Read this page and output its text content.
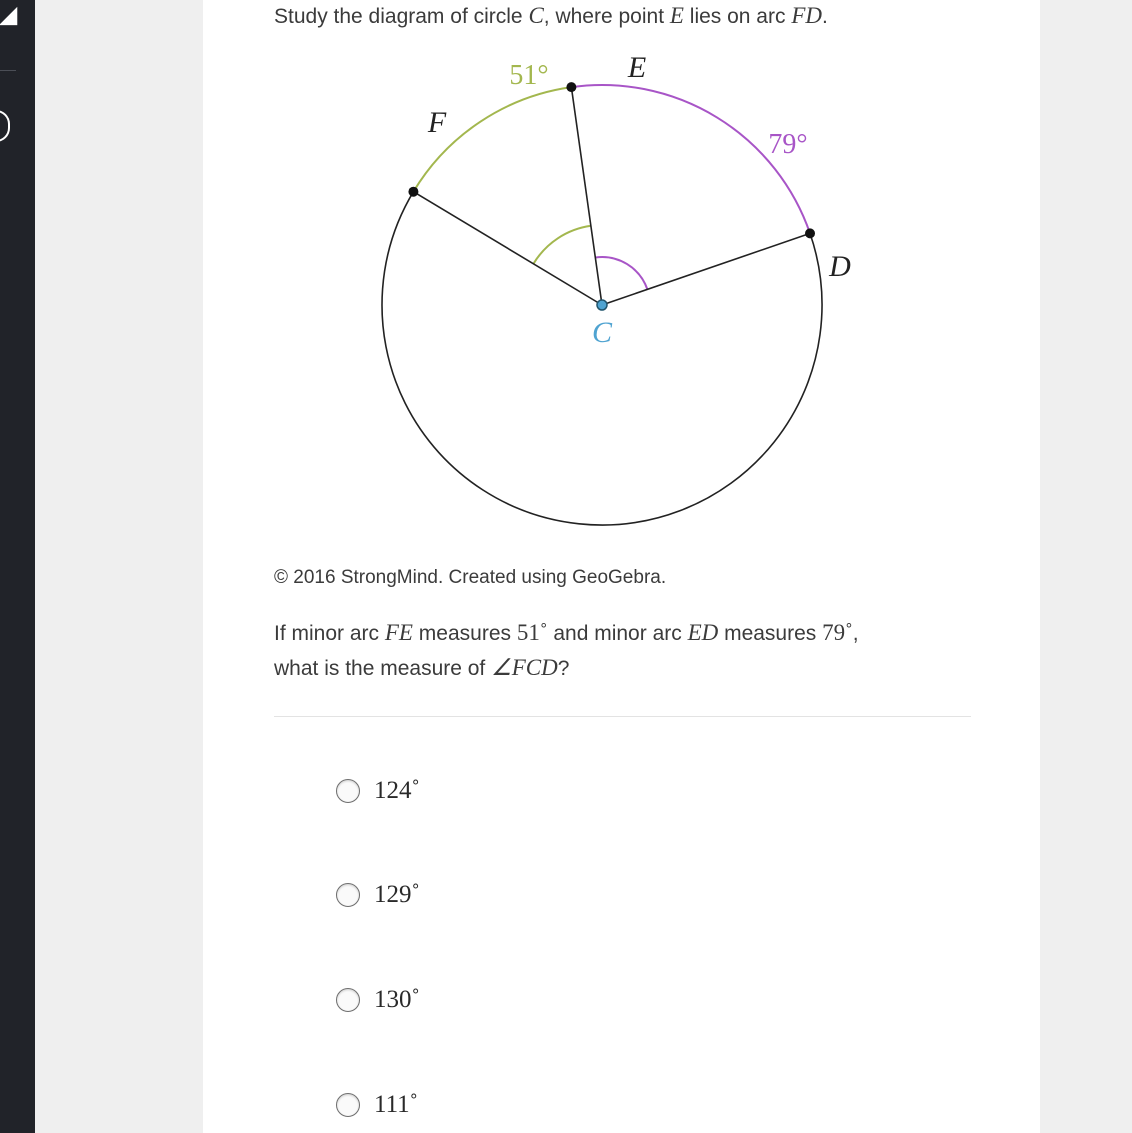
◢	Study the diagram of circle C, where point E lies on arc FD.
F
E
D
C
51°
79°
© 2016 StrongMind. Created using GeoGebra.
If minor arc FE measures 51˚ and minor arc ED measures 79˚,
what is the measure of ∠FCD?
124˚
129˚
130˚
111˚
